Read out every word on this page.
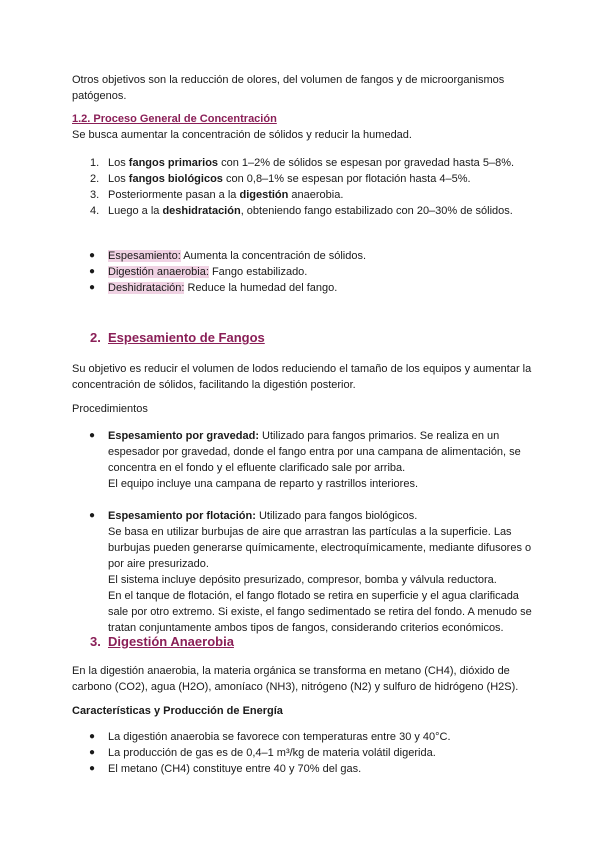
Otros objetivos son la reducción de olores, del volumen de fangos y de microorganismos patógenos.

1.2. Proceso General de Concentración

Se busca aumentar la concentración de sólidos y reducir la humedad.

1. Los fangos primarios con 1–2% de sólidos se espesan por gravedad hasta 5–8%.
2. Los fangos biológicos con 0,8–1% se espesan por flotación hasta 4–5%.
3. Posteriormente pasan a la digestión anaerobia.
4. Luego a la deshidratación, obteniendo fango estabilizado con 20–30% de sólidos.
● Espesamiento: Aumenta la concentración de sólidos.
● Digestión anaerobia: Fango estabilizado.
● Deshidratación: Reduce la humedad del fango.
2. Espesamiento de Fangos

Su objetivo es reducir el volumen de lodos reduciendo el tamaño de los equipos y aumentar la concentración de sólidos, facilitando la digestión posterior.

Procedimientos

● Espesamiento por gravedad: Utilizado para fangos primarios. Se realiza en un espesador por gravedad, donde el fango entra por una campana de alimentación, se concentra en el fondo y el efluente clarificado sale por arriba.

El equipo incluye una campana de reparto y rastrillos interiores.

● Espesamiento por flotación: Utilizado para fangos biológicos.

Se basa en utilizar burbujas de aire que arrastran las partículas a la superficie. Las burbujas pueden generarse químicamente, electroquímicamente, mediante difusores o por aire presurizado.

El sistema incluye depósito presurizado, compresor, bomba y válvula reductora.

En el tanque de flotación, el fango flotado se retira en superficie y el agua clarificada sale por otro extremo. Si existe, el fango sedimentado se retira del fondo. A menudo se tratan conjuntamente ambos tipos de fangos, considerando criterios económicos.

3. Digestión Anaerobia

En la digestión anaerobia, la materia orgánica se transforma en metano (CH4), dióxido de carbono (CO2), agua (H2O), amoníaco (NH3), nitrógeno (N2) y sulfuro de hidrógeno (H2S).

Características y Producción de Energía

● La digestión anaerobia se favorece con temperaturas entre 30 y 40°C.
● La producción de gas es de 0,4–1 m³/kg de materia volátil digerida.
● El metano (CH4) constituye entre 40 y 70% del gas.
